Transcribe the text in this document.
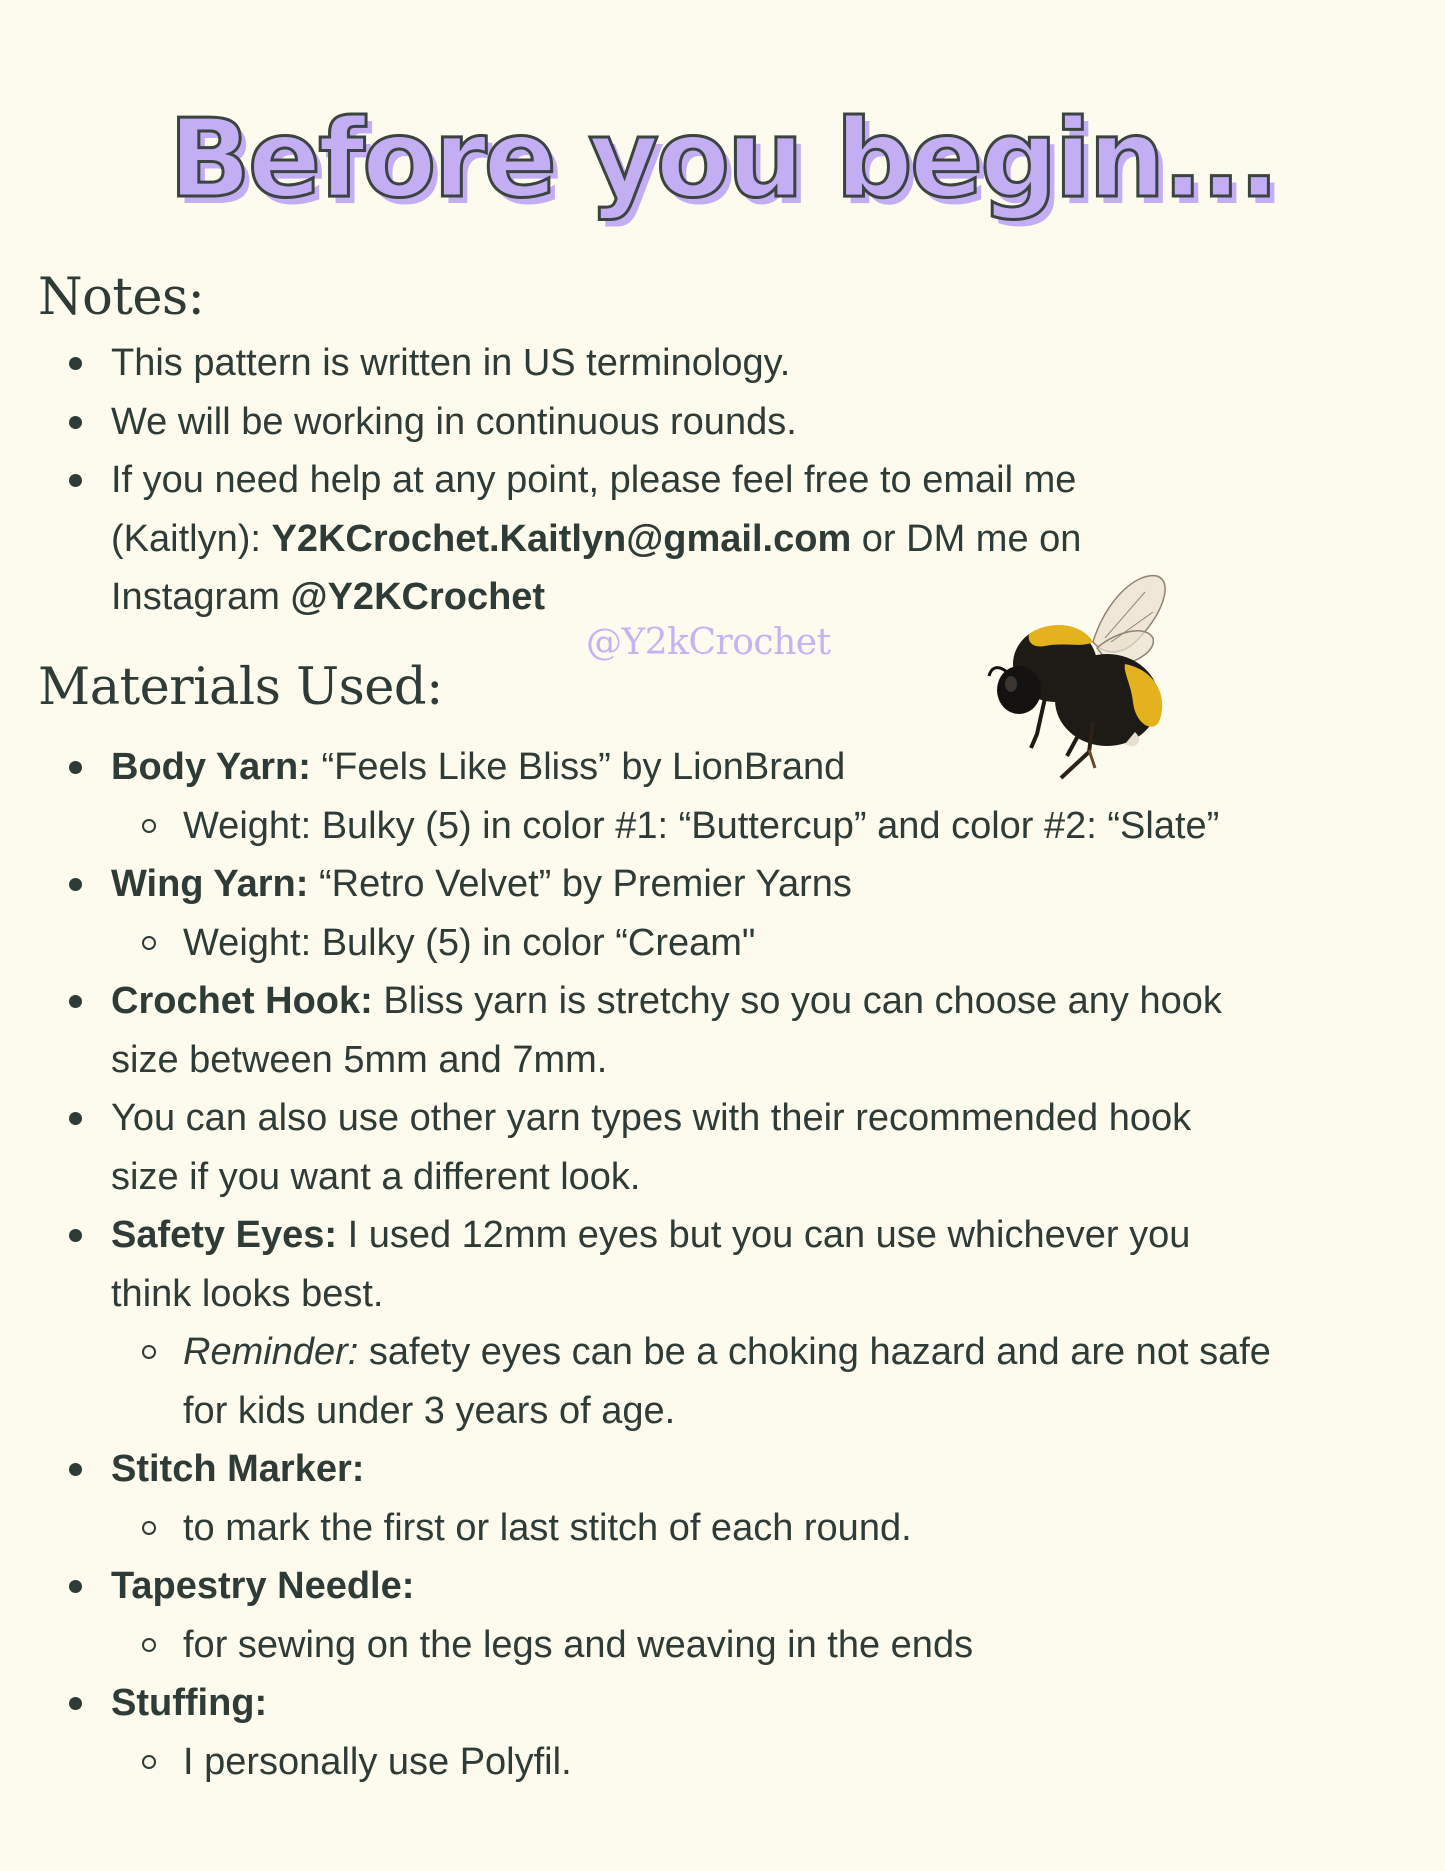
Before you begin...
Notes:
This pattern is written in US terminology.
We will be working in continuous rounds.
If you need help at any point, please feel free to email me
(Kaitlyn): Y2KCrochet.Kaitlyn@gmail.com or DM me on
Instagram @Y2KCrochet
@Y2kCrochet
Materials Used:
Body Yarn: “Feels Like Bliss” by LionBrand
Weight: Bulky (5) in color #1: “Buttercup” and color #2: “Slate”
Wing Yarn: “Retro Velvet” by Premier Yarns
Weight: Bulky (5) in color “Cream"
Crochet Hook: Bliss yarn is stretchy so you can choose any hook
size between 5mm and 7mm.
You can also use other yarn types with their recommended hook
size if you want a different look.
Safety Eyes: I used 12mm eyes but you can use whichever you
think looks best.
Reminder: safety eyes can be a choking hazard and are not safe
for kids under 3 years of age.
Stitch Marker:
to mark the first or last stitch of each round.
Tapestry Needle:
for sewing on the legs and weaving in the ends
Stuffing:
I personally use Polyfil.
